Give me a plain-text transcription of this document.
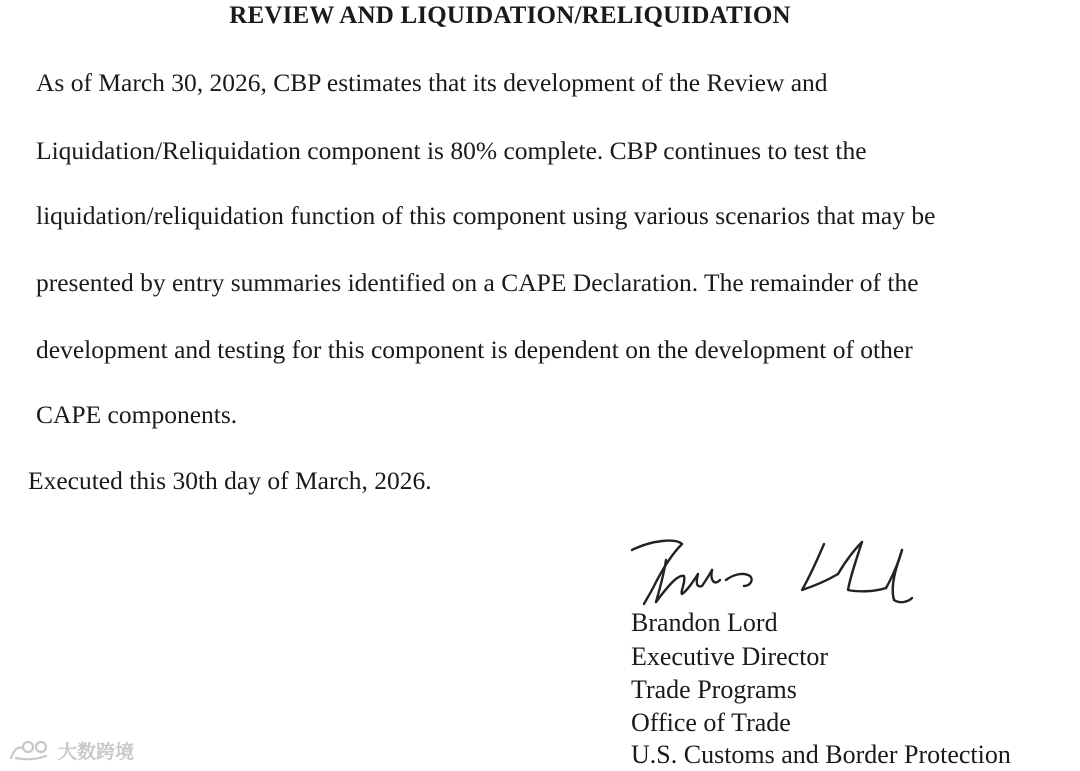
REVIEW AND LIQUIDATION/RELIQUIDATION
As of March 30, 2026, CBP estimates that its development of the Review and
Liquidation/Reliquidation component is 80% complete. CBP continues to test the
liquidation/reliquidation function of this component using various scenarios that may be
presented by entry summaries identified on a CAPE Declaration. The remainder of the
development and testing for this component is dependent on the development of other
CAPE components.
Executed this 30th day of March, 2026.
Brandon Lord
Executive Director
Trade Programs
Office of Trade
U.S. Customs and Border Protection
大数跨境
